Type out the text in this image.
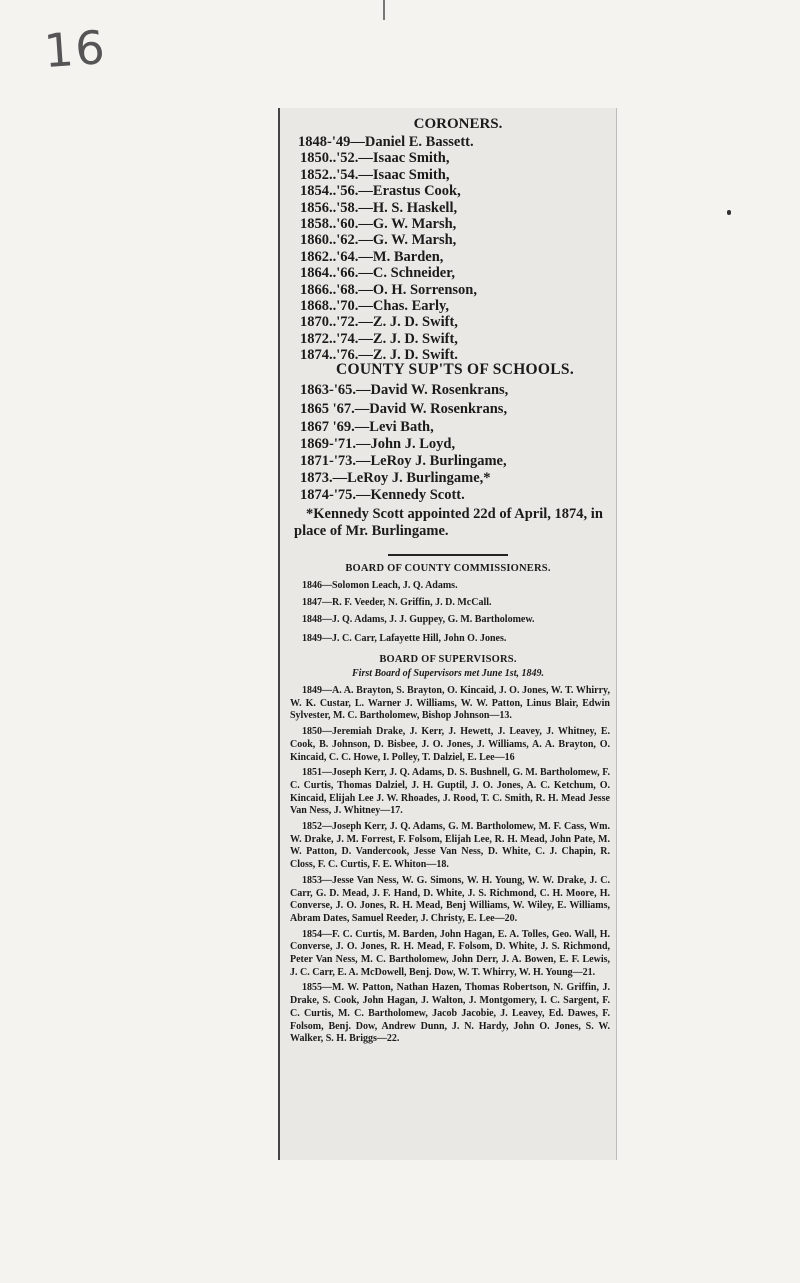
16
CORONERS.
1848-'49—Daniel E. Bassett.
1850..'52.—Isaac Smith,
1852..'54.—Isaac Smith,
1854..'56.—Erastus Cook,
1856..'58.—H. S. Haskell,
1858..'60.—G. W. Marsh,
1860..'62.—G. W. Marsh,
1862..'64.—M. Barden,
1864..'66.—C. Schneider,
1866..'68.—O. H. Sorrenson,
1868..'70.—Chas. Early,
1870..'72.—Z. J. D. Swift,
1872..'74.—Z. J. D. Swift,
1874..'76.—Z. J. D. Swift.
COUNTY SUP'TS OF SCHOOLS.
1863-'65.—David W. Rosenkrans,
1865 '67.—David W. Rosenkrans,
1867 '69.—Levi Bath,
1869-'71.—John J. Loyd,
1871-'73.—LeRoy J. Burlingame,
1873.—LeRoy J. Burlingame,*
1874-'75.—Kennedy Scott.
*Kennedy Scott appointed 22d of April, 1874, in place of Mr. Burlingame.
BOARD OF COUNTY COMMISSIONERS.
1846—Solomon Leach, J. Q. Adams.
1847—R. F. Veeder, N. Griffin, J. D. McCall.
1848—J. Q. Adams, J. J. Guppey, G. M. Bartholomew.
1849—J. C. Carr, Lafayette Hill, John O. Jones.
BOARD OF SUPERVISORS.
First Board of Supervisors met June 1st, 1849.
1849—A. A. Brayton, S. Brayton, O. Kincaid, J. O. Jones, W. T. Whirry, W. K. Custar, L. Warner J. Williams, W. W. Patton, Linus Blair, Edwin Sylvester, M. C. Bartholomew, Bishop Johnson—13.
1850—Jeremiah Drake, J. Kerr, J. Hewett, J. Leavey, J. Whitney, E. Cook, B. Johnson, D. Bisbee, J. O. Jones, J. Williams, A. A. Brayton, O. Kincaid, C. C. Howe, I. Polley, T. Dalziel, E. Lee—16
1851—Joseph Kerr, J. Q. Adams, D. S. Bushnell, G. M. Bartholomew, F. C. Curtis, Thomas Dalziel, J. H. Guptil, J. O. Jones, A. C. Ketchum, O. Kincaid, Elijah Lee J. W. Rhoades, J. Rood, T. C. Smith, R. H. Mead Jesse Van Ness, J. Whitney—17.
1852—Joseph Kerr, J. Q. Adams, G. M. Bartholomew, M. F. Cass, Wm. W. Drake, J. M. Forrest, F. Folsom, Elijah Lee, R. H. Mead, John Pate, M. W. Patton, D. Vandercook, Jesse Van Ness, D. White, C. J. Chapin, R. Closs, F. C. Curtis, F. E. Whiton—18.
1853—Jesse Van Ness, W. G. Simons, W. H. Young, W. W. Drake, J. C. Carr, G. D. Mead, J. F. Hand, D. White, J. S. Richmond, C. H. Moore, H. Converse, J. O. Jones, R. H. Mead, Benj Williams, W. Wiley, E. Williams, Abram Dates, Samuel Reeder, J. Christy, E. Lee—20.
1854—F. C. Curtis, M. Barden, John Hagan, E. A. Tolles, Geo. Wall, H. Converse, J. O. Jones, R. H. Mead, F. Folsom, D. White, J. S. Richmond, Peter Van Ness, M. C. Bartholomew, John Derr, J. A. Bowen, E. F. Lewis, J. C. Carr, E. A. McDowell, Benj. Dow, W. T. Whirry, W. H. Young—21.
1855—M. W. Patton, Nathan Hazen, Thomas Robertson, N. Griffin, J. Drake, S. Cook, John Hagan, J. Walton, J. Montgomery, I. C. Sargent, F. C. Curtis, M. C. Bartholomew, Jacob Jacobie, J. Leavey, Ed. Dawes, F. Folsom, Benj. Dow, Andrew Dunn, J. N. Hardy, John O. Jones, S. W. Walker, S. H. Briggs—22.
